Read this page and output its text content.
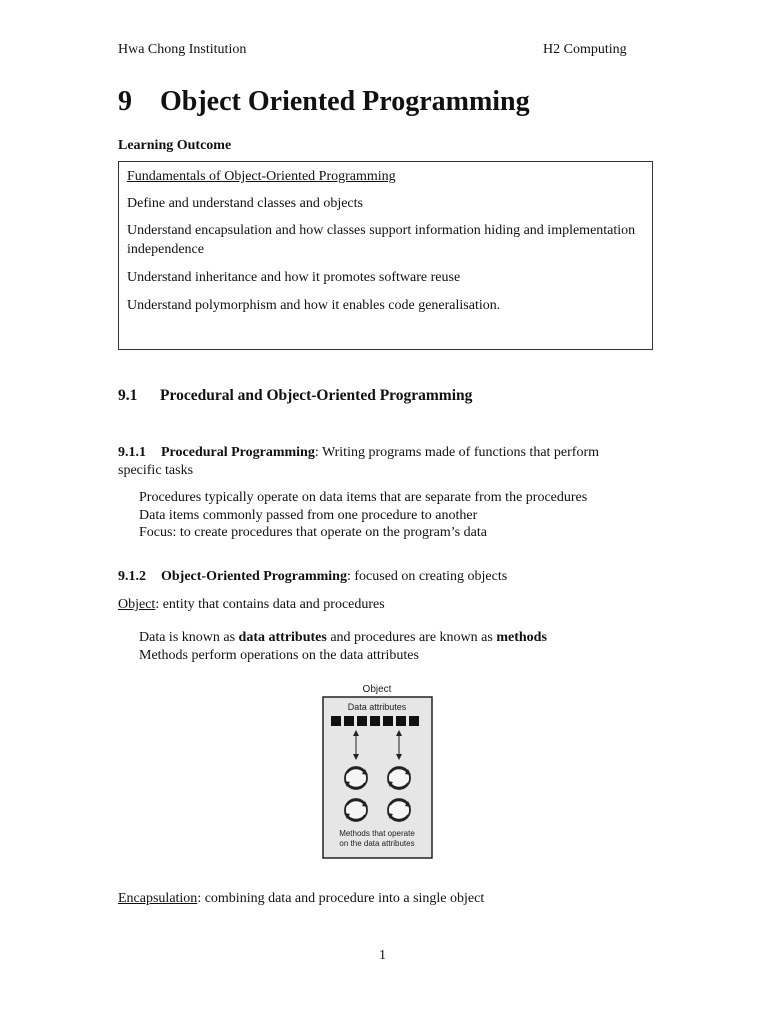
Hwa Chong Institution	H2 Computing
9 Object Oriented Programming
Learning Outcome
Fundamentals of Object-Oriented Programming
Define and understand classes and objects
Understand encapsulation and how classes support information hiding and implementation independence
Understand inheritance and how it promotes software reuse
Understand polymorphism and how it enables code generalisation.
9.1 Procedural and Object-Oriented Programming
9.1.1 Procedural Programming: Writing programs made of functions that perform specific tasks
Procedures typically operate on data items that are separate from the procedures
Data items commonly passed from one procedure to another
Focus: to create procedures that operate on the program’s data
9.1.2 Object-Oriented Programming: focused on creating objects
Object: entity that contains data and procedures
Data is known as data attributes and procedures are known as methods
Methods perform operations on the data attributes
Object
Data attributes
Methods that operate
on the data attributes
Encapsulation: combining data and procedure into a single object
1
